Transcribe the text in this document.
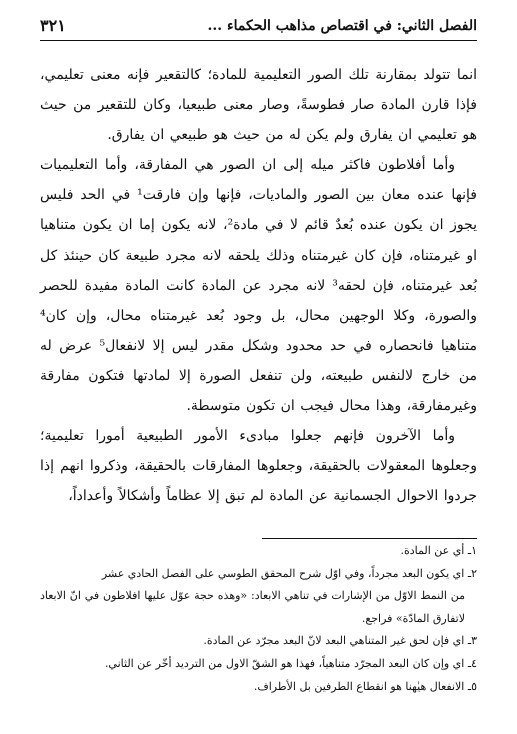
الفصل الثاني: في اقتصاص مذاهب الحكماء ...
٣٢١

انما تتولد بمقارنة تلك الصور التعليمية للمادة؛ كالتقعير فإنه معنى تعليمي، فإذا قارن المادة صار فطوسةً، وصار معنى طبيعيا، وكان للتقعير من حيث هو تعليمي ان يفارق ولم يكن له من حيث هو طبيعي ان يفارق.

وأما أفلاطون فاكثر ميله إلى ان الصور هي المفارقة، وأما التعليميات فإنها عنده معان بين الصور والماديات، فإنها وإن فارقت¹ في الحد فليس يجوز ان يكون عنده بُعدٌ قائم لا في مادة²، لانه يكون إما ان يكون متناهيا او غيرمتناه، فإن كان غيرمتناه وذلك يلحقه لانه مجرد طبيعة كان حينئذ كل بُعد غيرمتناه، فإن لحقه³ لانه مجرد عن المادة كانت المادة مفيدة للحصر والصورة، وكلا الوجهين محال، بل وجود بُعد غيرمتناه محال، وإن كان⁴ متناهيا فانحصاره في حد محدود وشكل مقدر ليس إلا لانفعال⁵ عرض له من خارج لالنفس طبيعته، ولن تنفعل الصورة إلا لمادتها فتكون مفارقة وغيرمفارقة، وهذا محال فيجب ان تكون متوسطة.

وأما الآخرون فإنهم جعلوا مبادىء الأمور الطبيعية أمورا تعليمية؛ وجعلوها المعقولات بالحقيقة، وجعلوها المفارقات بالحقيقة، وذكروا انهم إذا جردوا الاحوال الجسمانية عن المادة لم تبق إلا عظاماً وأشكالاً وأعداداً،

١ـ أي عن المادة.

٢ـ اي يكون البعد مجرداً، وفي اوّل شرح المحقق الطوسي على الفصل الحادي عشر

من النمط الاوّل من الإشارات في تناهي الابعاد: «وهذه حجة عوّل عليها افلاطون في انّ الابعاد لاتفارق المادّة» فراجع.

٣ـ اي فإن لحق غير المتناهي البعد لانّ البعد مجرّد عن المادة.

٤ـ اي وإن كان البعد المجرّد متناهياً، فهذا هو الشقّ الاول من الترديد أخّر عن الثاني.

٥ـ الانفعال هيٰهنا هو انقطاع الطرفين بل الأطراف.
